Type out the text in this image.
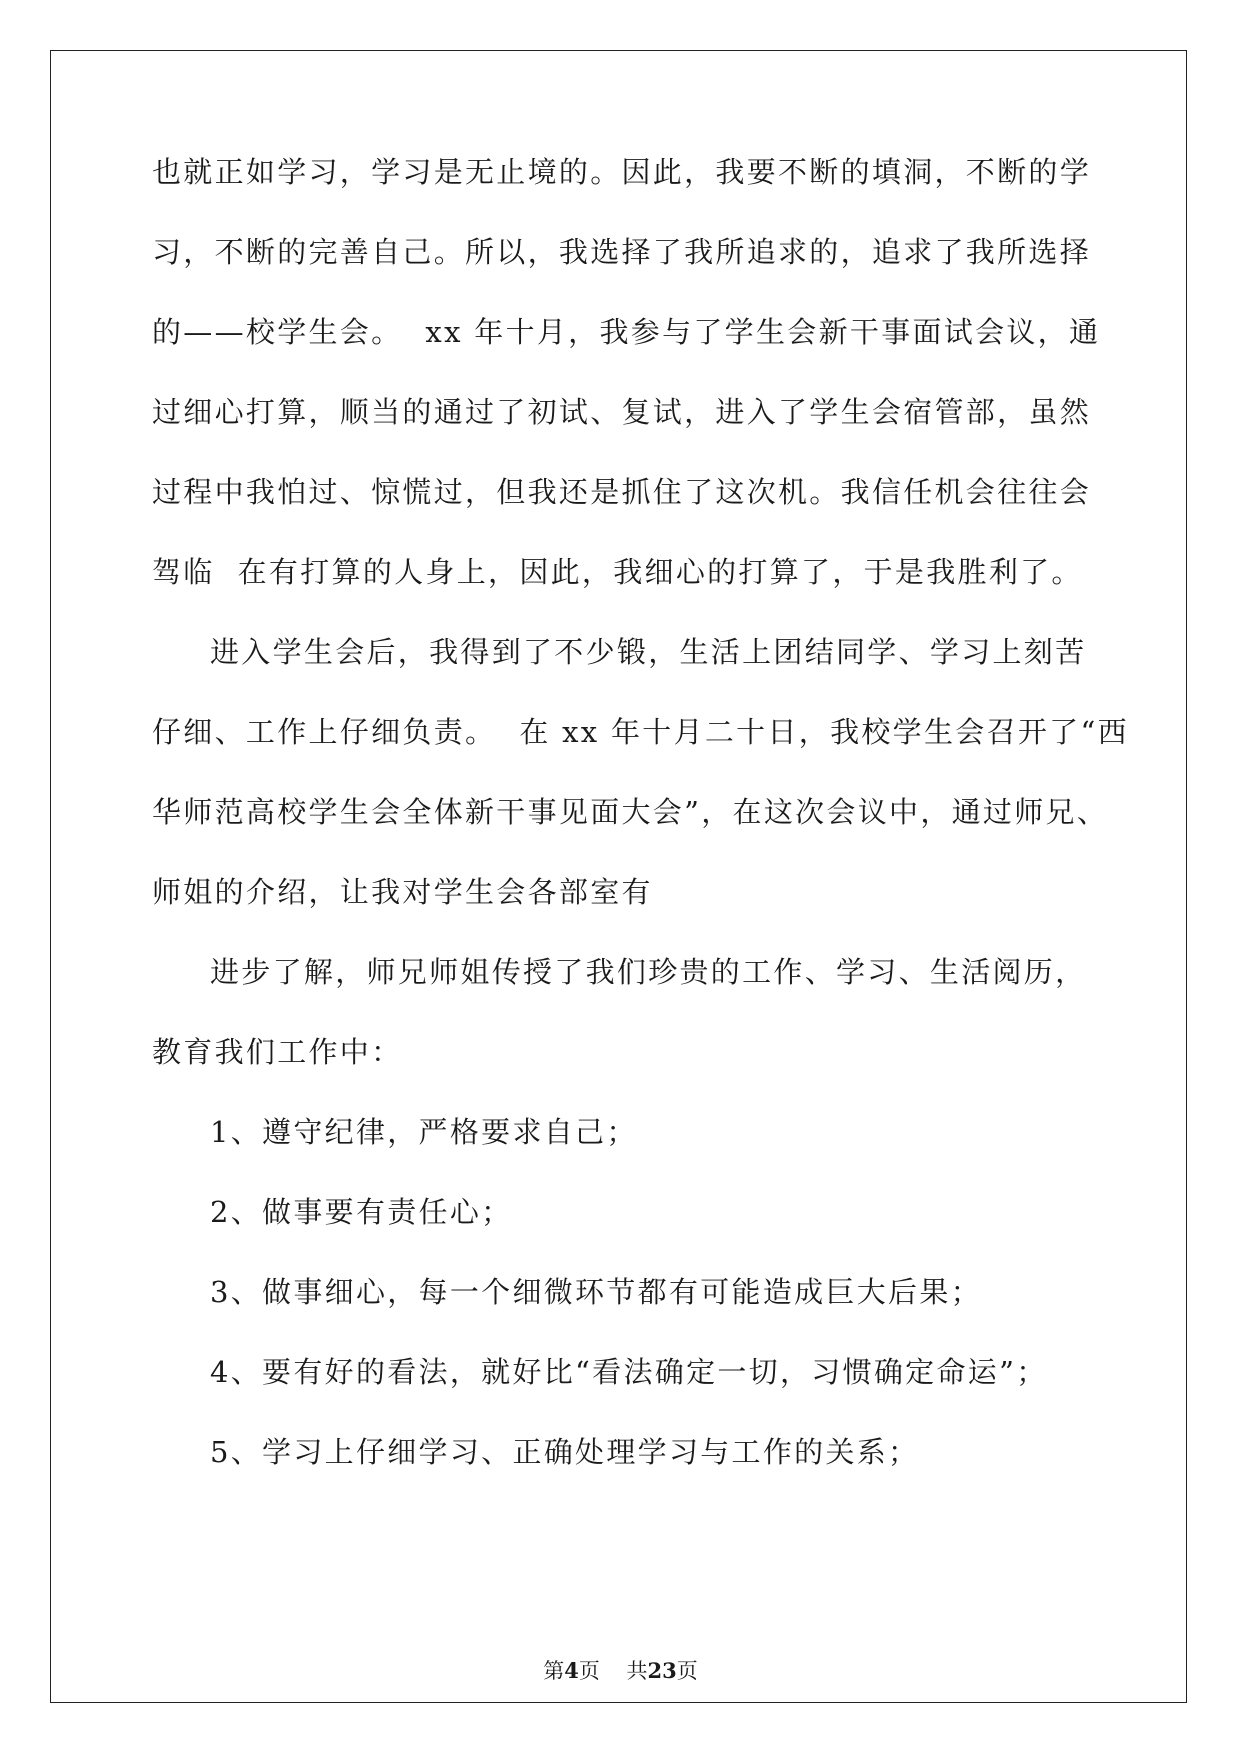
也就正如学习，学习是无止境的。因此，我要不断的填洞，不断的学
习，不断的完善自己。所以，我选择了我所追求的，追求了我所选择
的——校学生会。  xx 年十月，我参与了学生会新干事面试会议，通
过细心打算，顺当的通过了初试、复试，进入了学生会宿管部，虽然
过程中我怕过、惊慌过，但我还是抓住了这次机。我信任机会往往会
驾临  在有打算的人身上，因此，我细心的打算了，于是我胜利了。
进入学生会后，我得到了不少锻，生活上团结同学、学习上刻苦
仔细、工作上仔细负责。  在 xx 年十月二十日，我校学生会召开了“西
华师范高校学生会全体新干事见面大会”，在这次会议中，通过师兄、
师姐的介绍，让我对学生会各部室有
进步了解，师兄师姐传授了我们珍贵的工作、学习、生活阅历，
教育我们工作中：
1、遵守纪律，严格要求自己；
2、做事要有责任心；
3、做事细心，每一个细微环节都有可能造成巨大后果；
4、要有好的看法，就好比“看法确定一切，习惯确定命运”；
5、学习上仔细学习、正确处理学习与工作的关系；
第4页 共23页
